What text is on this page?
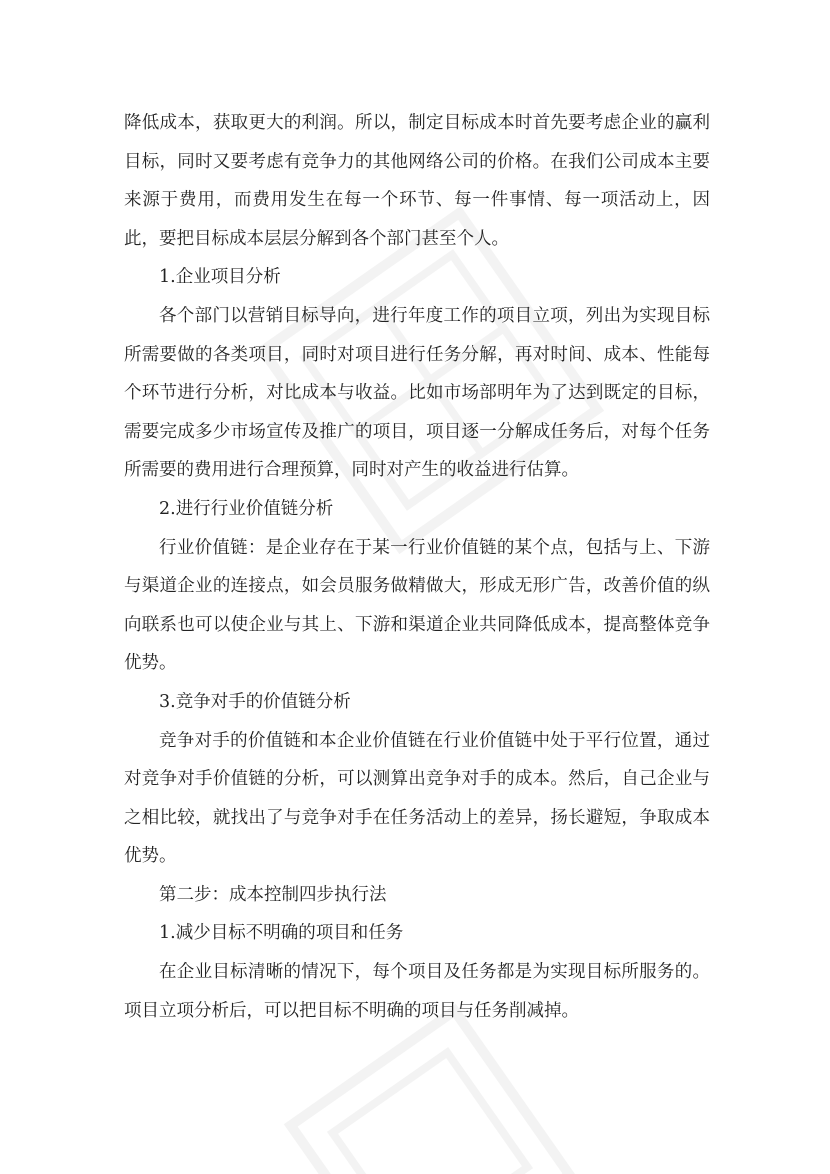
降低成本，获取更大的利润。所以，制定目标成本时首先要考虑企业的赢利目标，同时又要考虑有竞争力的其他网络公司的价格。在我们公司成本主要来源于费用，而费用发生在每一个环节、每一件事情、每一项活动上，因此，要把目标成本层层分解到各个部门甚至个人。

1.企业项目分析

各个部门以营销目标导向，进行年度工作的项目立项，列出为实现目标所需要做的各类项目，同时对项目进行任务分解，再对时间、成本、性能每个环节进行分析，对比成本与收益。比如市场部明年为了达到既定的目标，需要完成多少市场宣传及推广的项目，项目逐一分解成任务后，对每个任务所需要的费用进行合理预算，同时对产生的收益进行估算。

2.进行行业价值链分析

行业价值链：是企业存在于某一行业价值链的某个点，包括与上、下游与渠道企业的连接点，如会员服务做精做大，形成无形广告，改善价值的纵向联系也可以使企业与其上、下游和渠道企业共同降低成本，提高整体竞争优势。

3.竞争对手的价值链分析

竞争对手的价值链和本企业价值链在行业价值链中处于平行位置，通过对竞争对手价值链的分析，可以测算出竞争对手的成本。然后，自己企业与之相比较，就找出了与竞争对手在任务活动上的差异，扬长避短，争取成本优势。

第二步：成本控制四步执行法

1.减少目标不明确的项目和任务

在企业目标清晰的情况下，每个项目及任务都是为实现目标所服务的。项目立项分析后，可以把目标不明确的项目与任务削减掉。
